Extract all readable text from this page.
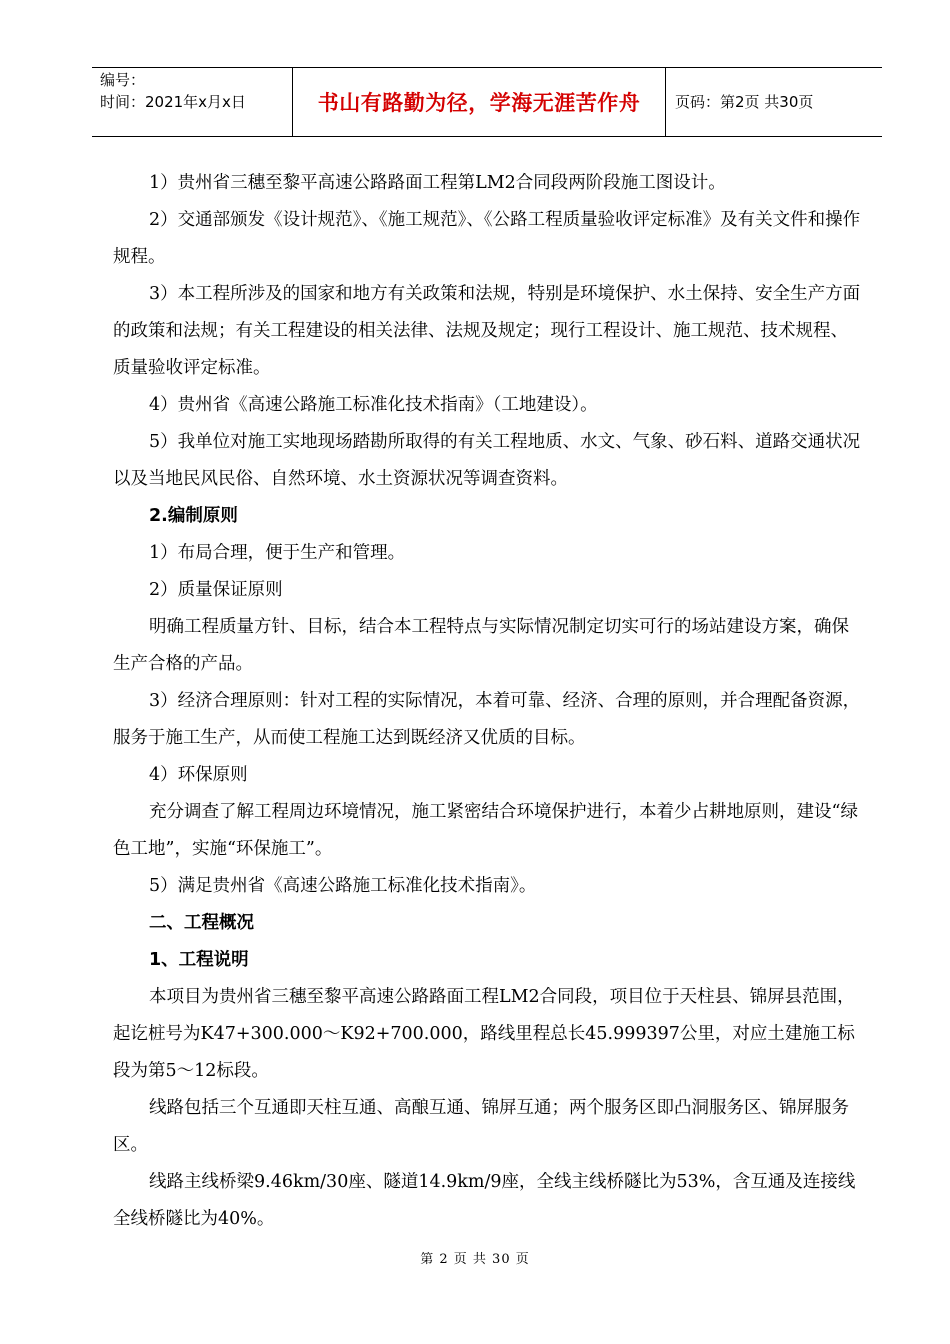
编号：
时间：2021年x月x日	书山有路勤为径，学海无涯苦作舟 页码：第2页 共30页

1）贵州省三穗至黎平高速公路路面工程第LM2合同段两阶段施工图设计。

2）交通部颁发《设计规范》、《施工规范》、《公路工程质量验收评定标准》及有关文件和操作规程。

3）本工程所涉及的国家和地方有关政策和法规，特别是环境保护、水土保持、安全生产方面的政策和法规；有关工程建设的相关法律、法规及规定；现行工程设计、施工规范、技术规程、质量验收评定标准。

4）贵州省《高速公路施工标准化技术指南》（工地建设）。

5）我单位对施工实地现场踏勘所取得的有关工程地质、水文、气象、砂石料、道路交通状况以及当地民风民俗、自然环境、水土资源状况等调查资料。

2.编制原则

1）布局合理，便于生产和管理。

2）质量保证原则

明确工程质量方针、目标，结合本工程特点与实际情况制定切实可行的场站建设方案，确保生产合格的产品。

3）经济合理原则：针对工程的实际情况，本着可靠、经济、合理的原则，并合理配备资源，服务于施工生产，从而使工程施工达到既经济又优质的目标。

4）环保原则

充分调查了解工程周边环境情况，施工紧密结合环境保护进行，本着少占耕地原则，建设“绿色工地”，实施“环保施工”。

5）满足贵州省《高速公路施工标准化技术指南》。

二、工程概况

1、工程说明

本项目为贵州省三穗至黎平高速公路路面工程LM2合同段，项目位于天柱县、锦屏县范围，起讫桩号为K47+300.000～K92+700.000，路线里程总长45.999397公里，对应土建施工标段为第5～12标段。

线路包括三个互通即天柱互通、高酿互通、锦屏互通；两个服务区即凸洞服务区、锦屏服务区。

线路主线桥梁9.46km/30座、隧道14.9km/9座，全线主线桥隧比为53%，含互通及连接线全线桥隧比为40%。

第 2 页 共 30 页
